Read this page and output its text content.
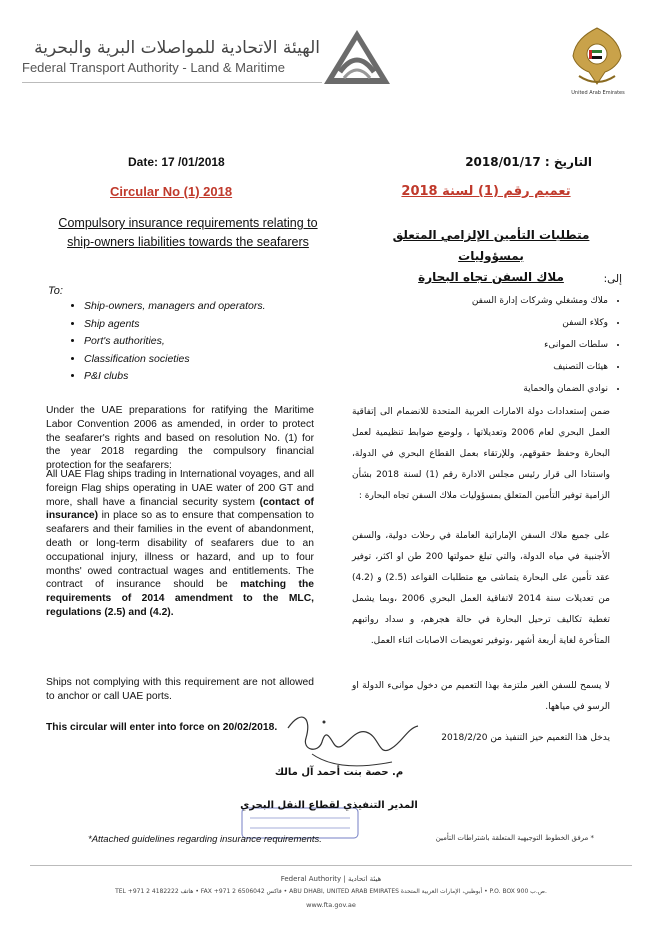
الهيئة الاتحادية للمواصلات البرية والبحرية
Federal Transport Authority - Land & Maritime
United Arab Emirates
Date: 17 /01/2018	التاريخ : 2018/01/17
Circular No (1) 2018	تعميم رقم (1) لسنة 2018
Compulsory insurance requirements relating to ship-owners liabilities towards the seafarers	متطلبات التأمين الإلزامي المتعلق بمسؤوليات
ملاك السفن تجاه البحارة
To:
• Ship-owners, managers and operators.
• Ship agents
• Port's authorities,
• Classification societies
• P&I clubs
إلى:
• ملاك ومشغلي وشركات إدارة السفن
• وكلاء السفن
• سلطات الموانىء
• هيئات التصنيف
• نوادي الضمان والحماية
Under the UAE preparations for ratifying the Maritime Labor Convention 2006 as amended, in order to protect the seafarer's rights and based on resolution No. (1) for the year 2018 regarding the compulsory financial protection for the seafarers:
All UAE Flag ships trading in International voyages, and all foreign Flag ships operating in UAE water of 200 GT and more, shall have a financial security system (contact of insurance) in place so as to ensure that compensation to seafarers and their families in the event of abandonment, death or long-term disability of seafarers due to an occupational injury, illness or hazard, and up to four months' owed contractual wages and entitlements. The contract of insurance should be matching the requirements of 2014 amendment to the MLC, regulations (2.5) and (4.2).
Ships not complying with this requirement are not allowed to anchor or call UAE ports.
This circular will enter into force on 20/02/2018.
ضمن إستعدادات دولة الامارات العربية المتحدة للانضمام الى إتفاقية العمل البحري لعام 2006 وتعديلاتها ، ولوضع ضوابط تنظيمية لعمل البحارة وحفظ حقوقهم، وللإرتقاء بعمل القطاع البحري في الدولة، واستنادا الى قرار رئيس مجلس الادارة رقم (1) لسنة 2018 بشأن الزامية توفير التأمين المتعلق بمسؤوليات ملاك السفن تجاه البحارة :
على جميع ملاك السفن الإماراتية العاملة في رحلات دولية، والسفن الأجنبية في مياه الدولة، والتي تبلغ حمولتها 200 طن او اكثر، توفير عقد تأمين على البحارة يتماشى مع متطلبات القواعد (2.5) و (4.2) من تعديلات سنة 2014 لاتفاقية العمل البحري 2006 ،وبما يشمل تغطية تكاليف ترحيل البحارة في حالة هجرهم، و سداد رواتبهم المتأخرة لغاية أربعة أشهر ،وتوفير تعويضات الاصابات اثناء العمل.
لا يسمح للسفن الغير ملتزمة بهذا التعميم من دخول موانىء الدولة او الرسو في مياهها.
يدخل هذا التعميم حيز التنفيذ من 2018/2/20
م. حصة بنت أحمد آل مالك
المدير التنفيذي لقطاع النقل البحري
*Attached guidelines regarding insurance requirements.	* مرفق الخطوط التوجيهية المتعلقة باشتراطات التأمين
Federal Authority | هيئة اتحادية
TEL +971 2 4182222 هاتف • FAX +971 2 6506042 فاكس • ABU DHABI, UNITED ARAB EMIRATES أبوظبي، الإمارات العربية المتحدة • P.O. BOX 900 ص.ب.
www.fta.gov.ae
